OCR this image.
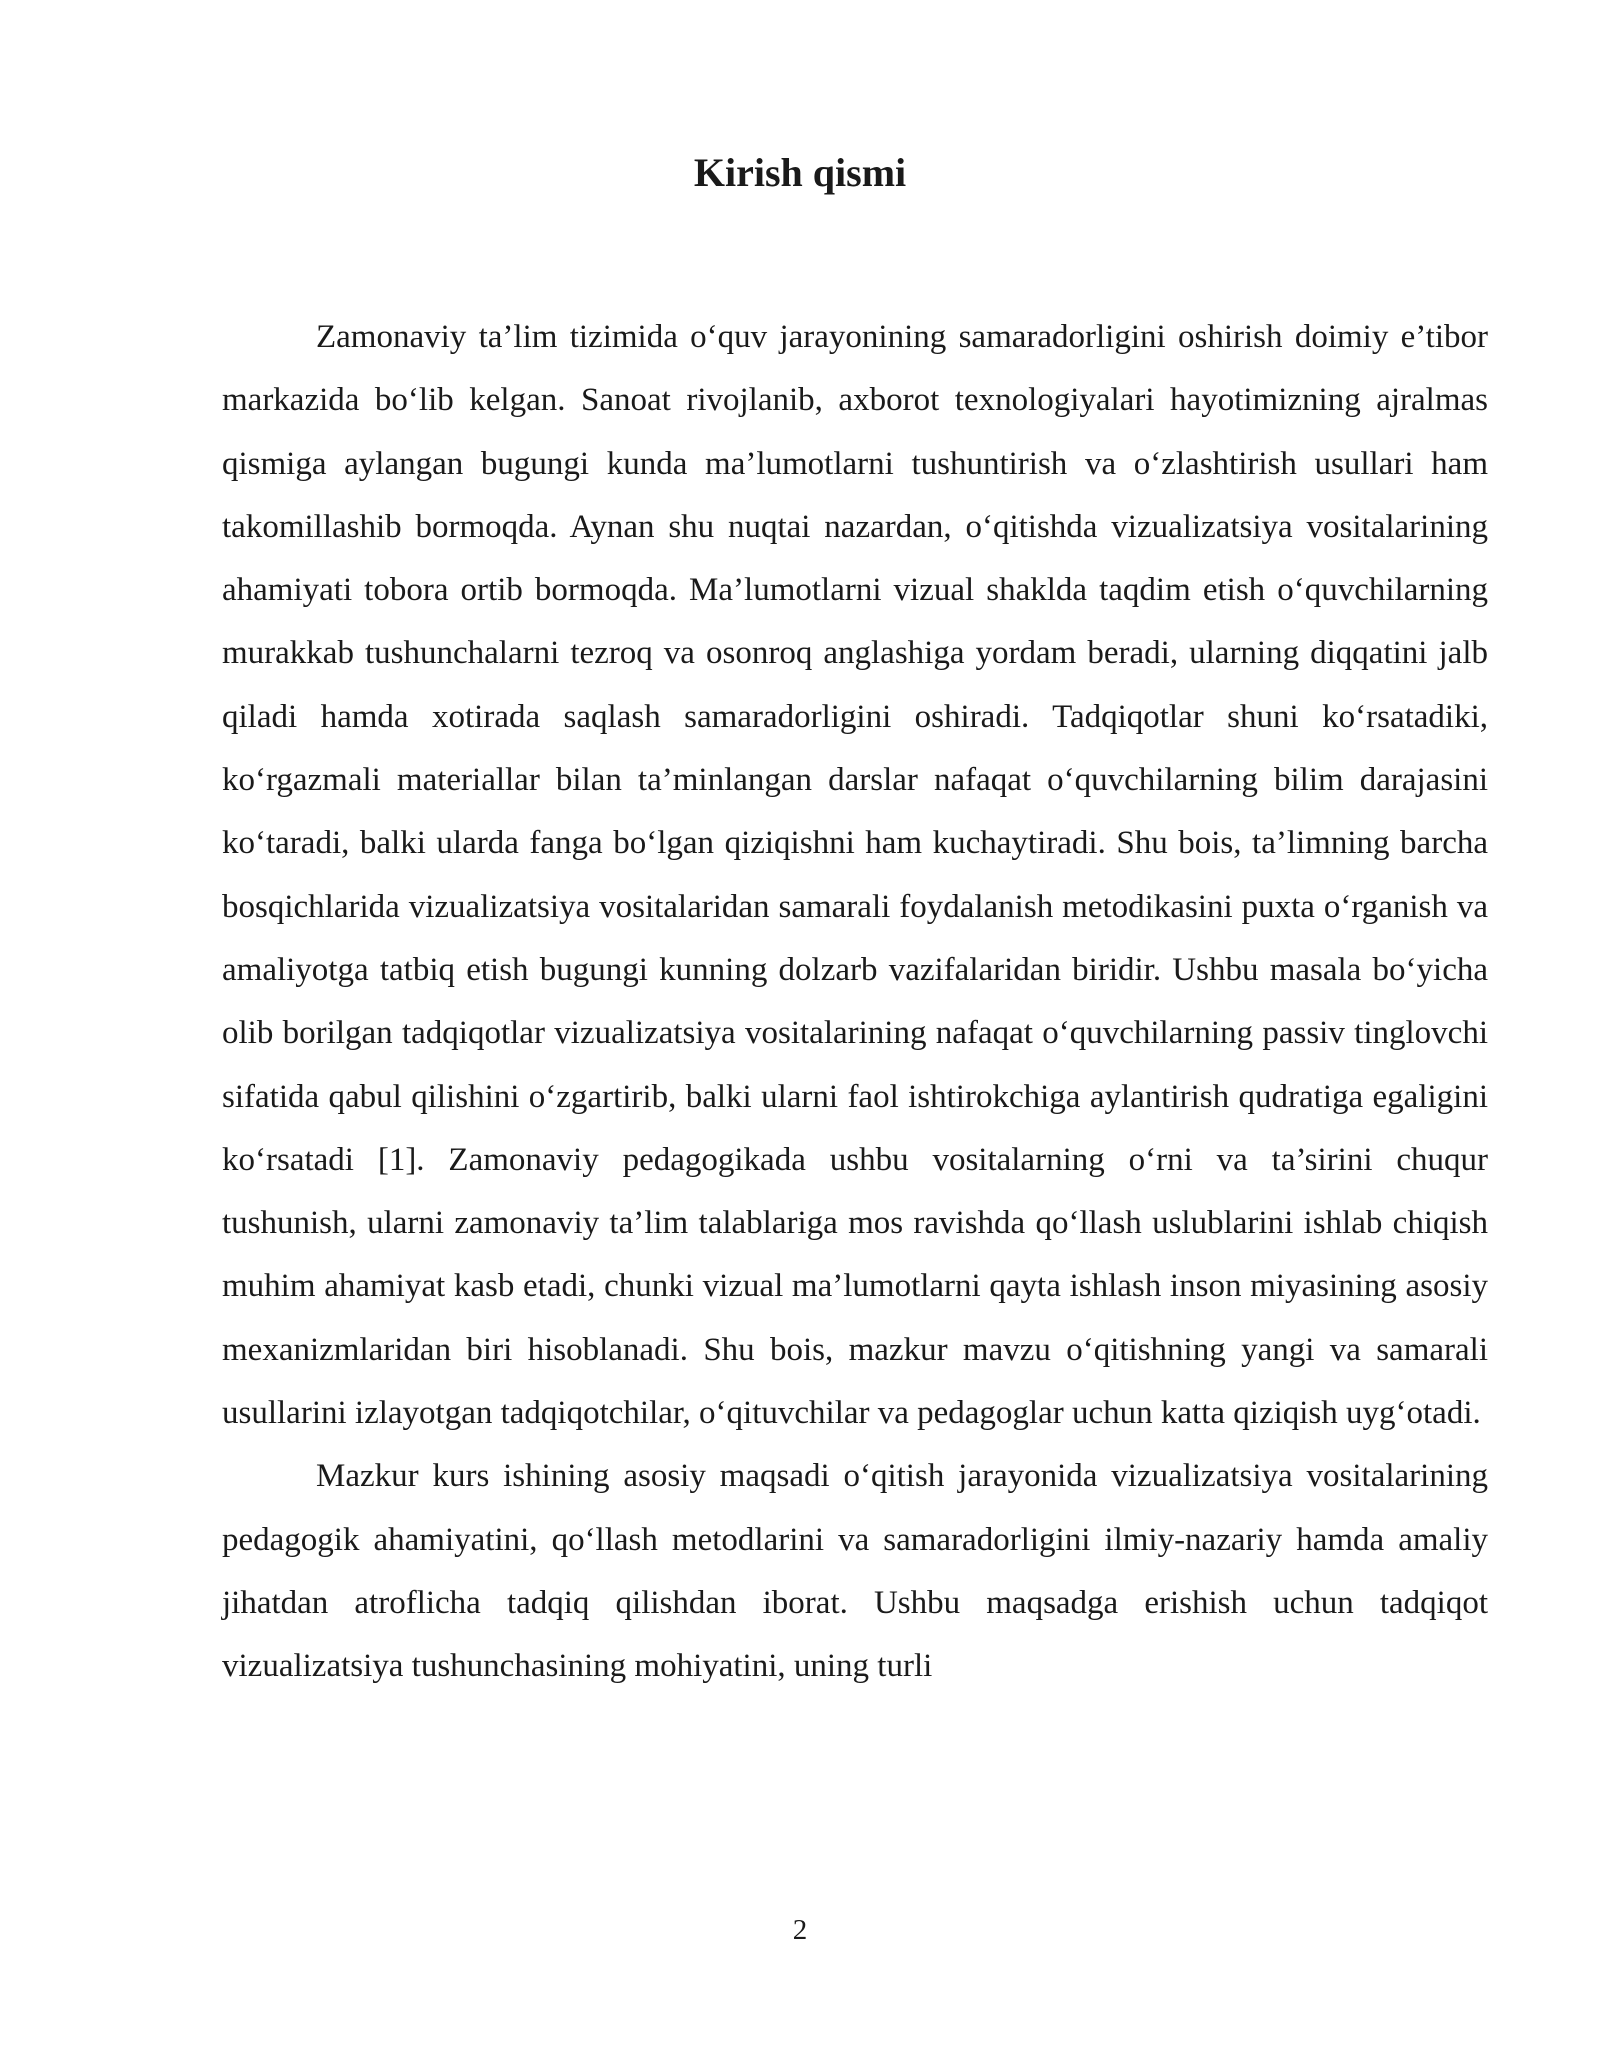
Kirish qismi

Zamonaviy ta’lim tizimida o‘quv jarayonining samaradorligini oshirish doimiy e’tibor markazida bo‘lib kelgan. Sanoat rivojlanib, axborot texnologiyalari hayotimizning ajralmas qismiga aylangan bugungi kunda ma’lumotlarni tushuntirish va o‘zlashtirish usullari ham takomillashib bormoqda. Aynan shu nuqtai nazardan, o‘qitishda vizualizatsiya vositalarining ahamiyati tobora ortib bormoqda. Ma’lumotlarni vizual shaklda taqdim etish o‘quvchilarning murakkab tushunchalarni tezroq va osonroq anglashiga yordam beradi, ularning diqqatini jalb qiladi hamda xotirada saqlash samaradorligini oshiradi. Tadqiqotlar shuni ko‘rsatadiki, ko‘rgazmali materiallar bilan ta’minlangan darslar nafaqat o‘quvchilarning bilim darajasini ko‘taradi, balki ularda fanga bo‘lgan qiziqishni ham kuchaytiradi. Shu bois, ta’limning barcha bosqichlarida vizualizatsiya vositalaridan samarali foydalanish metodikasini puxta o‘rganish va amaliyotga tatbiq etish bugungi kunning dolzarb vazifalaridan biridir. Ushbu masala bo‘yicha olib borilgan tadqiqotlar vizualizatsiya vositalarining nafaqat o‘quvchilarning passiv tinglovchi sifatida qabul qilishini o‘zgartirib, balki ularni faol ishtirokchiga aylantirish qudratiga egaligini ko‘rsatadi [1]. Zamonaviy pedagogikada ushbu vositalarning o‘rni va ta’sirini chuqur tushunish, ularni zamonaviy ta’lim talablariga mos ravishda qo‘llash uslublarini ishlab chiqish muhim ahamiyat kasb etadi, chunki vizual ma’lumotlarni qayta ishlash inson miyasining asosiy mexanizmlaridan biri hisoblanadi. Shu bois, mazkur mavzu o‘qitishning yangi va samarali usullarini izlayotgan tadqiqotchilar, o‘qituvchilar va pedagoglar uchun katta qiziqish uyg‘otadi.

Mazkur kurs ishining asosiy maqsadi o‘qitish jarayonida vizualizatsiya vositalarining pedagogik ahamiyatini, qo‘llash metodlarini va samaradorligini ilmiy-nazariy hamda amaliy jihatdan atroflicha tadqiq qilishdan iborat. Ushbu maqsadga erishish uchun tadqiqot vizualizatsiya tushunchasining mohiyatini, uning turli

2
